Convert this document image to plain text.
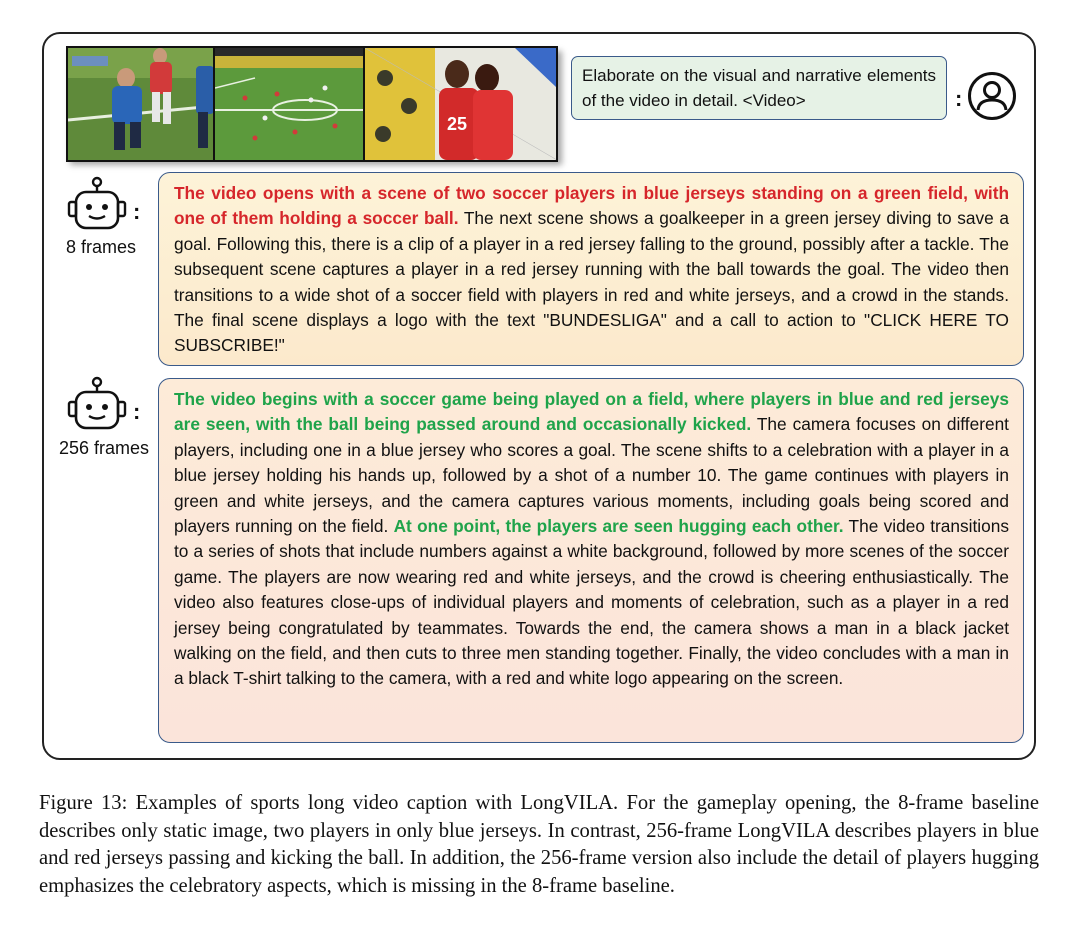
25
Elaborate on the visual and narrative elements of the video in detail. <Video>	:
:
8 frames
The video opens with a scene of two soccer players in blue jerseys standing on a green field, with one of them holding a soccer ball. The next scene shows a goalkeeper in a green jersey diving to save a goal. Following this, there is a clip of a player in a red jersey falling to the ground, possibly after a tackle. The subsequent scene captures a player in a red jersey running with the ball towards the goal. The video then transitions to a wide shot of a soccer field with players in red and white jerseys, and a crowd in the stands. The final scene displays a logo with the text "BUNDESLIGA" and a call to action to "CLICK HERE TO SUBSCRIBE!"
:
256 frames
The video begins with a soccer game being played on a field, where players in blue and red jerseys are seen, with the ball being passed around and occasionally kicked. The camera focuses on different players, including one in a blue jersey who scores a goal. The scene shifts to a celebration with a player in a blue jersey holding his hands up, followed by a shot of a number 10. The game continues with players in green and white jerseys, and the camera captures various moments, including goals being scored and players running on the field. At one point, the players are seen hugging each other. The video transitions to a series of shots that include numbers against a white background, followed by more scenes of the soccer game. The players are now wearing red and white jerseys, and the crowd is cheering enthusiastically. The video also features close-ups of individual players and moments of celebration, such as a player in a red jersey being congratulated by teammates. Towards the end, the camera shows a man in a black jacket walking on the field, and then cuts to three men standing together. Finally, the video concludes with a man in a black T-shirt talking to the camera, with a red and white logo appearing on the screen.
Figure 13: Examples of sports long video caption with LongVILA. For the gameplay opening, the 8-frame baseline describes only static image, two players in only blue jerseys. In contrast, 256-frame LongVILA describes players in blue and red jerseys passing and kicking the ball. In addition, the 256-frame version also include the detail of players hugging emphasizes the celebratory aspects, which is missing in the 8-frame baseline.
